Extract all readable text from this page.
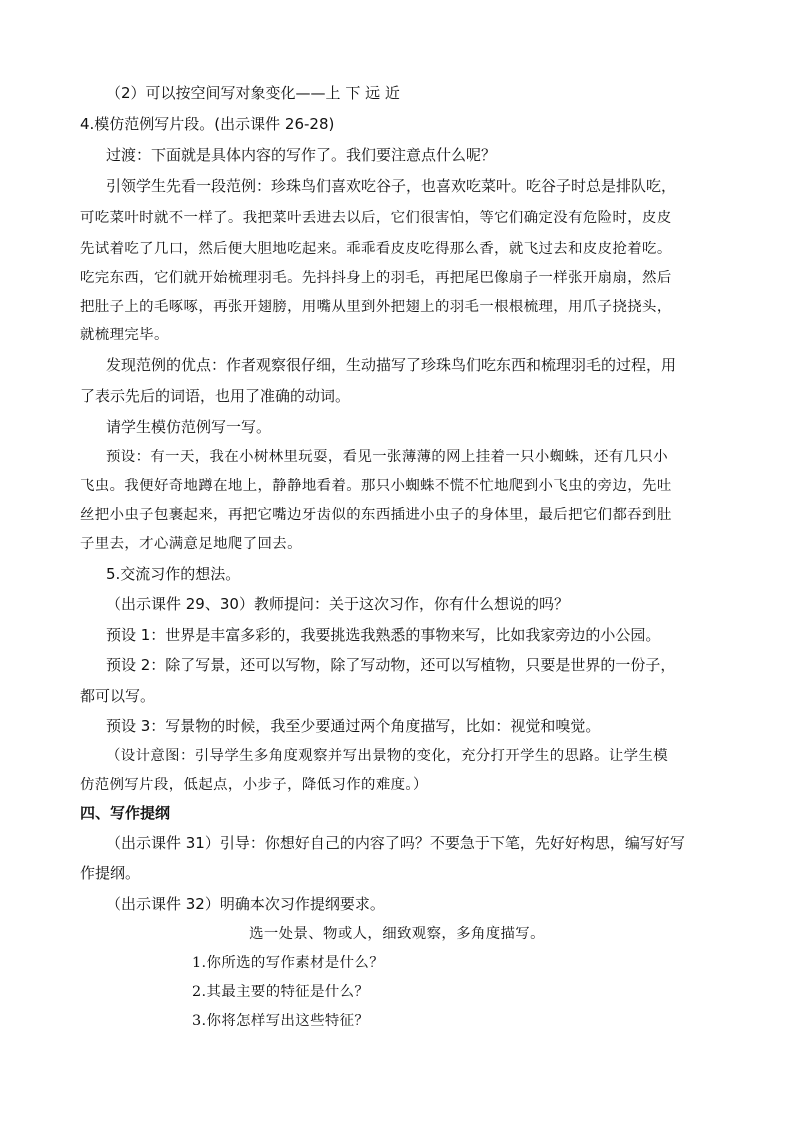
（2）可以按空间写对象变化——上 下 远 近
4.模仿范例写片段。(出示课件 26-28)
过渡：下面就是具体内容的写作了。我们要注意点什么呢？
引领学生先看一段范例：珍珠鸟们喜欢吃谷子，也喜欢吃菜叶。吃谷子时总是排队吃，
可吃菜叶时就不一样了。我把菜叶丢进去以后，它们很害怕，等它们确定没有危险时，皮皮
先试着吃了几口，然后便大胆地吃起来。乖乖看皮皮吃得那么香，就飞过去和皮皮抢着吃。
吃完东西，它们就开始梳理羽毛。先抖抖身上的羽毛，再把尾巴像扇子一样张开扇扇，然后
把肚子上的毛啄啄，再张开翅膀，用嘴从里到外把翅上的羽毛一根根梳理，用爪子挠挠头，
就梳理完毕。
发现范例的优点：作者观察很仔细，生动描写了珍珠鸟们吃东西和梳理羽毛的过程，用
了表示先后的词语，也用了准确的动词。
请学生模仿范例写一写。
预设：有一天，我在小树林里玩耍，看见一张薄薄的网上挂着一只小蜘蛛，还有几只小
飞虫。我便好奇地蹲在地上，静静地看着。那只小蜘蛛不慌不忙地爬到小飞虫的旁边，先吐
丝把小虫子包裹起来，再把它嘴边牙齿似的东西插进小虫子的身体里，最后把它们都吞到肚
子里去，才心满意足地爬了回去。
5.交流习作的想法。
（出示课件 29、30）教师提问：关于这次习作，你有什么想说的吗？
预设 1：世界是丰富多彩的，我要挑选我熟悉的事物来写，比如我家旁边的小公园。
预设 2：除了写景，还可以写物，除了写动物，还可以写植物，只要是世界的一份子，
都可以写。
预设 3：写景物的时候，我至少要通过两个角度描写，比如：视觉和嗅觉。
（设计意图：引导学生多角度观察并写出景物的变化，充分打开学生的思路。让学生模
仿范例写片段，低起点，小步子，降低习作的难度。）
四、写作提纲
（出示课件 31）引导：你想好自己的内容了吗？不要急于下笔，先好好构思，编写好写
作提纲。
（出示课件 32）明确本次习作提纲要求。
选一处景、物或人，细致观察，多角度描写。
1.你所选的写作素材是什么？
2.其最主要的特征是什么？
3.你将怎样写出这些特征？
